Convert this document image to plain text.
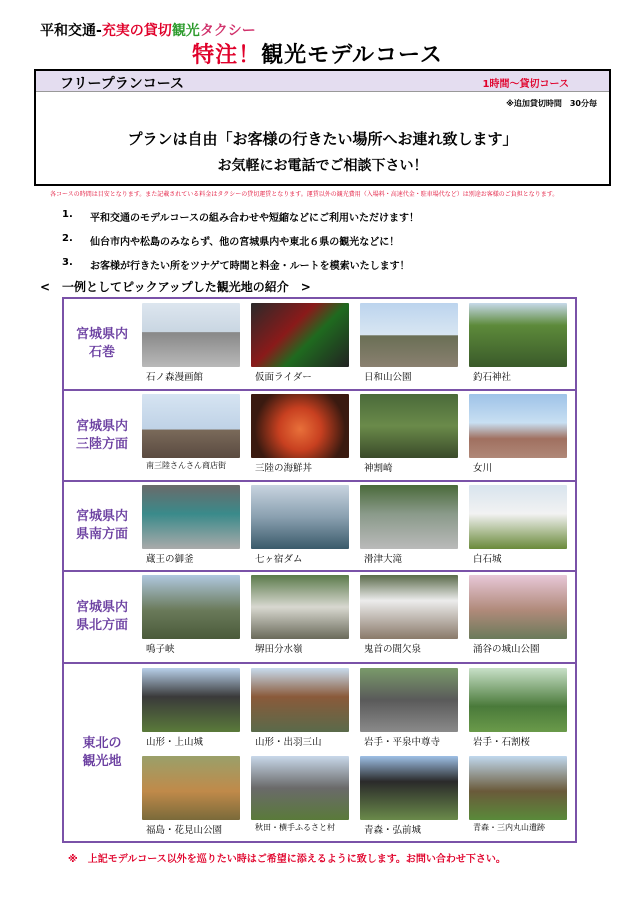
平和交通-充実の貸切観光タクシー
特注！観光モデルコース
フリープランコース	1時間～貸切コース
※追加貸切時間　30分毎
プランは自由「お客様の行きたい場所へお連れ致します」
お気軽にお電話でご相談下さい！
各コースの時間は目安となります。また記載されている料金はタクシーの貸切運賃となります。運賃以外の観光費用（入場料・高速代金・駐車場代など）は別途お客様のご負担となります。
1.	平和交通のモデルコースの組み合わせや短縮などにご利用いただけます！
2.	仙台市内や松島のみならず、他の宮城県内や東北６県の観光などに！
3.	お客様が行きたい所をツナゲて時間と料金・ルートを模索いたします！
<　一例としてピックアップした観光地の紹介　>
宮城県内
石巻
石ノ森漫画館	仮面ライダー	日和山公園	釣石神社
宮城県内
三陸方面
南三陸さんさん商店街	三陸の海鮮丼	神割崎	女川
宮城県内
県南方面
蔵王の御釜	七ヶ宿ダム	滑津大滝	白石城
宮城県内
県北方面
鳴子峡	堺田分水嶺	鬼首の間欠泉	涌谷の城山公園
東北の
観光地
山形・上山城	山形・出羽三山	岩手・平泉中尊寺	岩手・石割桜
福島・花見山公園	秋田・横手ふるさと村	青森・弘前城	青森・三内丸山遺跡
※　上記モデルコース以外を巡りたい時はご希望に添えるように致します。お問い合わせ下さい。
